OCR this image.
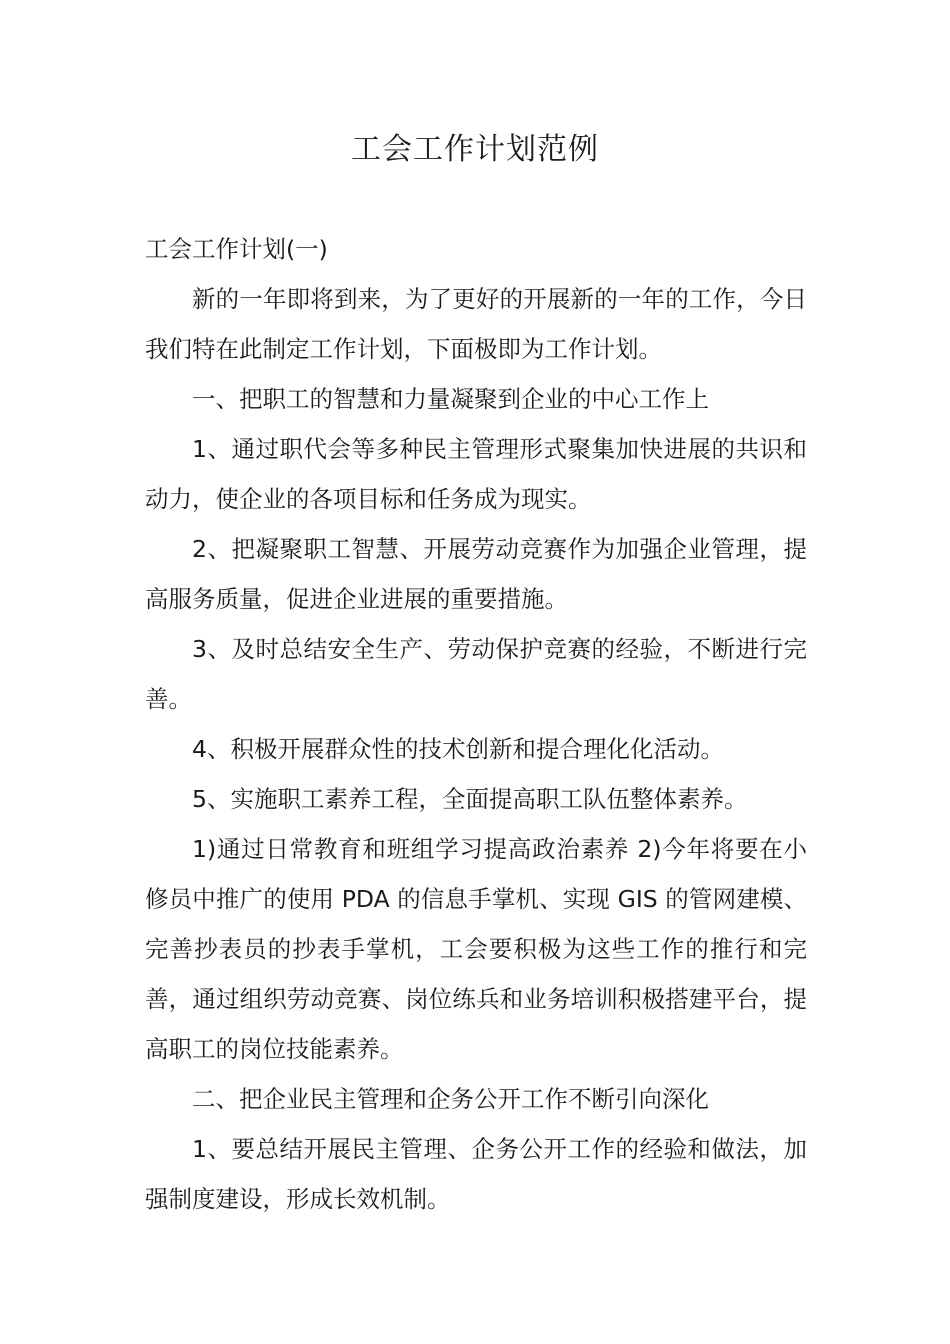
工会工作计划范例

工会工作计划(一)

新的一年即将到来，为了更好的开展新的一年的工作，今日我们特在此制定工作计划，下面极即为工作计划。

一、把职工的智慧和力量凝聚到企业的中心工作上

1、通过职代会等多种民主管理形式聚集加快进展的共识和动力，使企业的各项目标和任务成为现实。

2、把凝聚职工智慧、开展劳动竞赛作为加强企业管理，提高服务质量，促进企业进展的重要措施。

3、及时总结安全生产、劳动保护竞赛的经验，不断进行完善。

4、积极开展群众性的技术创新和提合理化化活动。

5、实施职工素养工程，全面提高职工队伍整体素养。

1)通过日常教育和班组学习提高政治素养 2)今年将要在小修员中推广的使用 PDA 的信息手掌机、实现 GIS 的管网建模、完善抄表员的抄表手掌机，工会要积极为这些工作的推行和完善，通过组织劳动竞赛、岗位练兵和业务培训积极搭建平台，提高职工的岗位技能素养。

二、把企业民主管理和企务公开工作不断引向深化

1、要总结开展民主管理、企务公开工作的经验和做法，加强制度建设，形成长效机制。
